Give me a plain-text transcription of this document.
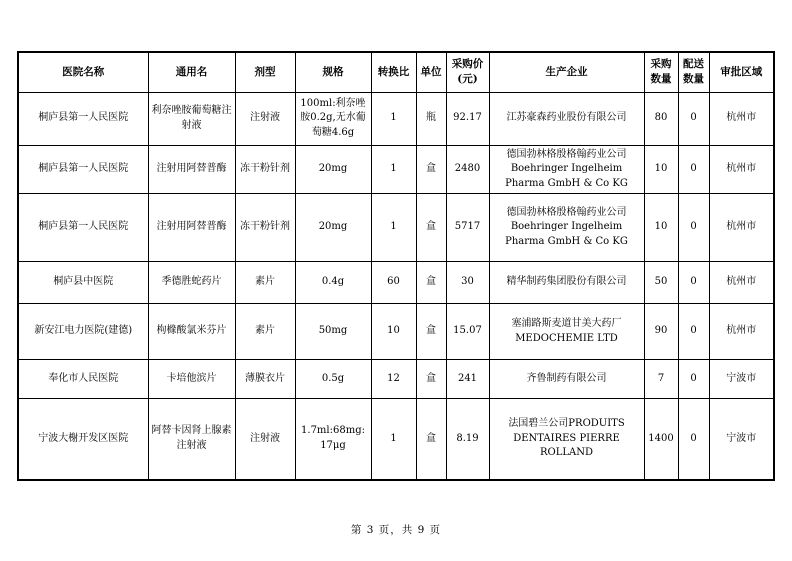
医院名称	通用名	剂型	规格	转换比	单位	采购价(元)	生产企业	采购数量	配送数量	审批区域
桐庐县第一人民医院	利奈唑胺葡萄糖注射液	注射液	100ml:利奈唑胺0.2g,无水葡萄糖4.6g	1	瓶	92.17	江苏豪森药业股份有限公司	80	0	杭州市
桐庐县第一人民医院	注射用阿替普酶	冻干粉针剂	20mg	1	盒	2480	德国勃林格殷格翰药业公司Boehringer Ingelheim Pharma GmbH & Co KG	10	0	杭州市
桐庐县第一人民医院	注射用阿替普酶	冻干粉针剂	20mg	1	盒	5717	德国勃林格殷格翰药业公司Boehringer Ingelheim Pharma GmbH & Co KG	10	0	杭州市
桐庐县中医院	季德胜蛇药片	素片	0.4g	60	盒	30	精华制药集团股份有限公司	50	0	杭州市
新安江电力医院(建德)	枸橼酸氯米芬片	素片	50mg	10	盒	15.07	塞浦路斯麦道甘美大药厂MEDOCHEMIE LTD	90	0	杭州市
奉化市人民医院	卡培他滨片	薄膜衣片	0.5g	12	盒	241	齐鲁制药有限公司	7	0	宁波市
宁波大榭开发区医院	阿替卡因肾上腺素注射液	注射液	1.7ml:68mg:17μg	1	盒	8.19	法国碧兰公司PRODUITS DENTAIRES PIERRE ROLLAND	1400	0	宁波市
第 3 页，共 9 页
